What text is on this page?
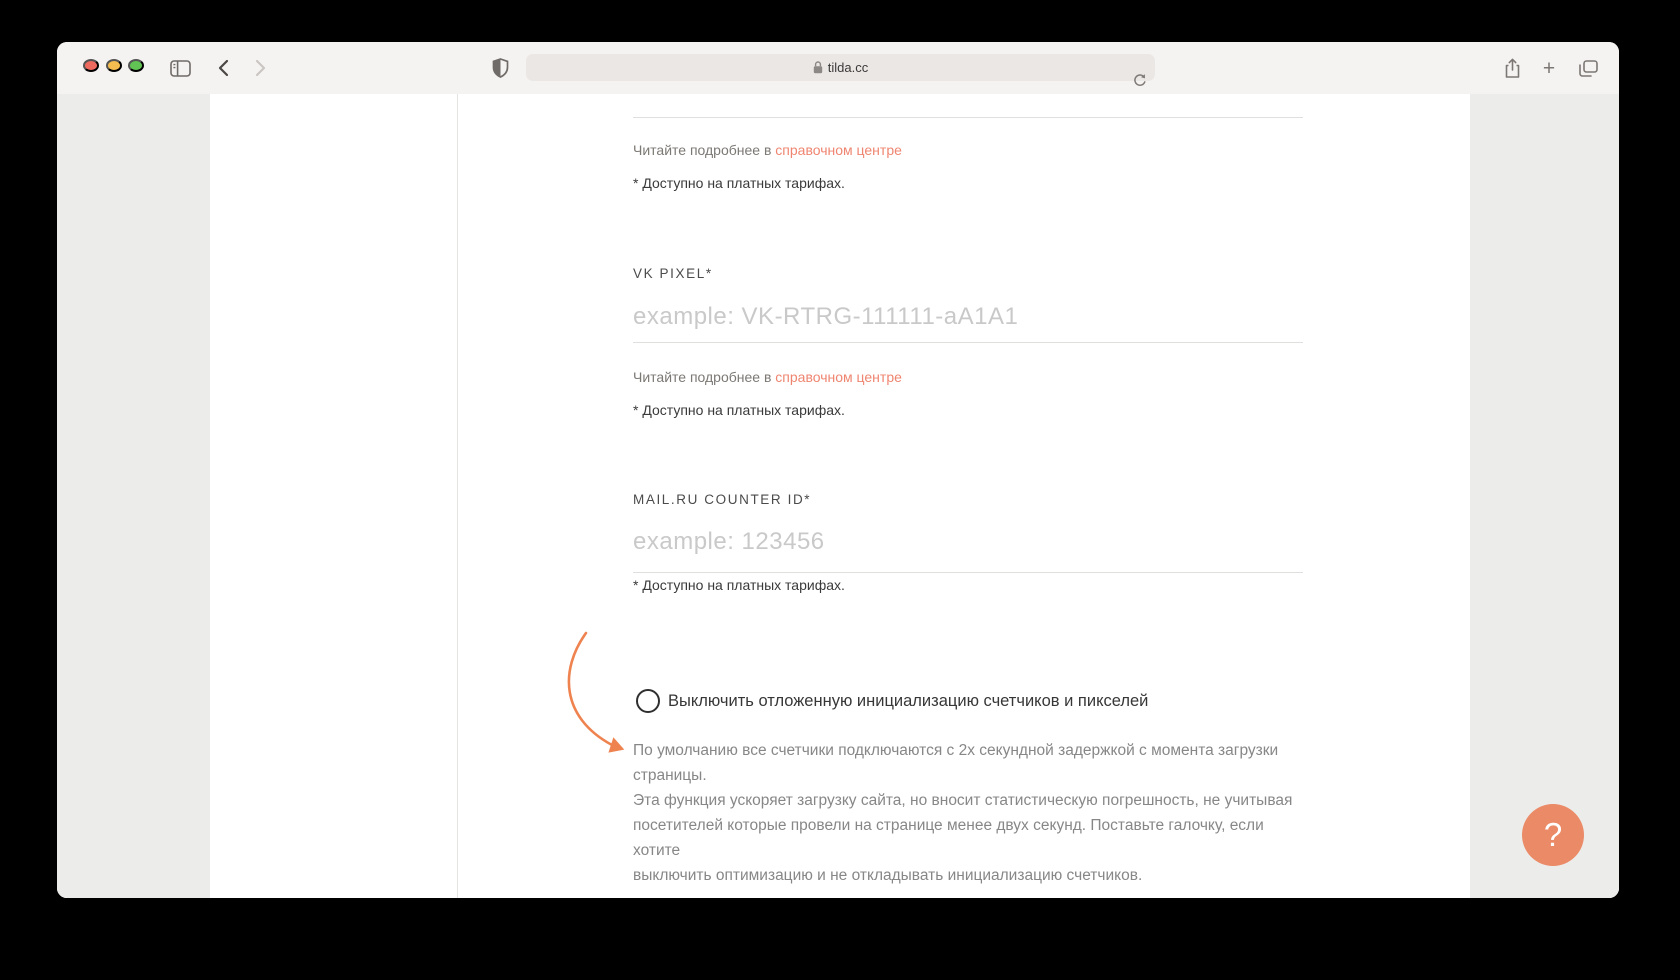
tilda.cc	+
Читайте подробнее в справочном центре
* Доступно на платных тарифах.
VK PIXEL*
example: VK-RTRG-111111-aA1A1
Читайте подробнее в справочном центре
* Доступно на платных тарифах.
MAIL.RU COUNTER ID*
example: 123456
* Доступно на платных тарифах.
Выключить отложенную инициализацию счетчиков и пикселей
По умолчанию все счетчики подключаются с 2х секундной задержкой с момента загрузки страницы.
Эта функция ускоряет загрузку сайта, но вносит статистическую погрешность, не учитывая
посетителей которые провели на странице менее двух секунд. Поставьте галочку, если хотите
выключить оптимизацию и не откладывать инициализацию счетчиков.
?
